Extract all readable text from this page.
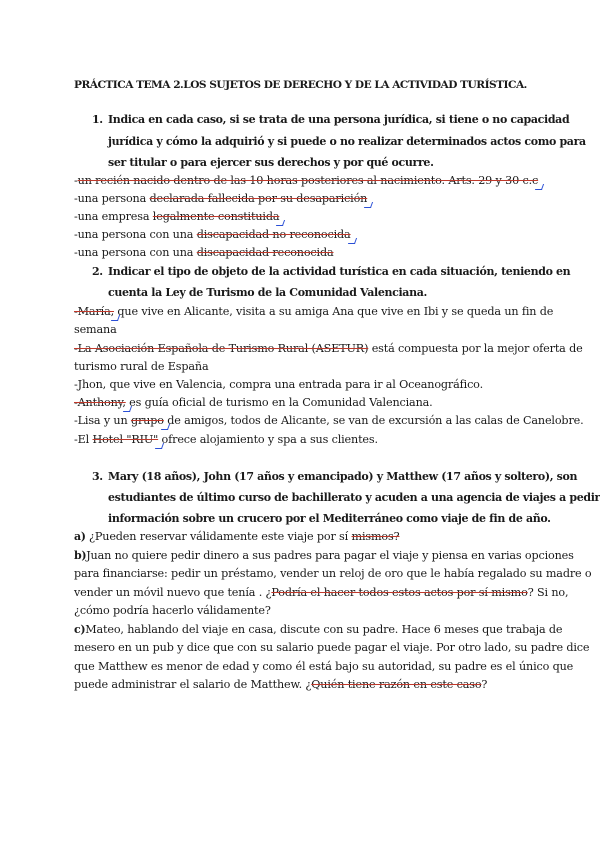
PRÁCTICA TEMA 2.LOS SUJETOS DE DERECHO Y DE LA ACTIVIDAD TURÍSTICA.
1. Indica en cada caso, si se trata de una persona jurídica, si tiene o no capacidad
jurídica y cómo la adquirió y si puede o no realizar determinados actos como para
ser titular o para ejercer sus derechos y por qué ocurre.
-un recién nacido dentro de las 10 horas posteriores al nacimiento. Arts. 29 y 30 c.c
-una persona declarada fallecida por su desaparición
-una empresa legalmente constituida
-una persona con una discapacidad no reconocida
-una persona con una discapacidad reconocida
2. Indicar el tipo de objeto de la actividad turística en cada situación, teniendo en
cuenta la Ley de Turismo de la Comunidad Valenciana.
-María, que vive en Alicante, visita a su amiga Ana que vive en Ibi y se queda un fin de
semana
-La Asociación Española de Turismo Rural (ASETUR) está compuesta por la mejor oferta de
turismo rural de España
-Jhon, que vive en Valencia, compra una entrada para ir al Oceanográfico.
-Anthony, es guía oficial de turismo en la Comunidad Valenciana.
-Lisa y un grupo de amigos, todos de Alicante, se van de excursión a las calas de Canelobre.
-El Hotel "RIU" ofrece alojamiento y spa a sus clientes.
3. Mary (18 años), John (17 años y emancipado) y Matthew (17 años y soltero), son
estudiantes de último curso de bachillerato y acuden a una agencia de viajes a pedir
información sobre un crucero por el Mediterráneo como viaje de fin de año.
a) ¿Pueden reservar válidamente este viaje por sí mismos?
b)Juan no quiere pedir dinero a sus padres para pagar el viaje y piensa en varias opciones
para financiarse: pedir un préstamo, vender un reloj de oro que le había regalado su madre o
vender un móvil nuevo que tenía . ¿Podría el hacer todos estos actos por sí mismo? Si no,
¿cómo podría hacerlo válidamente?
c)Mateo, hablando del viaje en casa, discute con su padre. Hace 6 meses que trabaja de
mesero en un pub y dice que con su salario puede pagar el viaje. Por otro lado, su padre dice
que Matthew es menor de edad y como él está bajo su autoridad, su padre es el único que
puede administrar el salario de Matthew. ¿Quién tiene razón en este caso?
